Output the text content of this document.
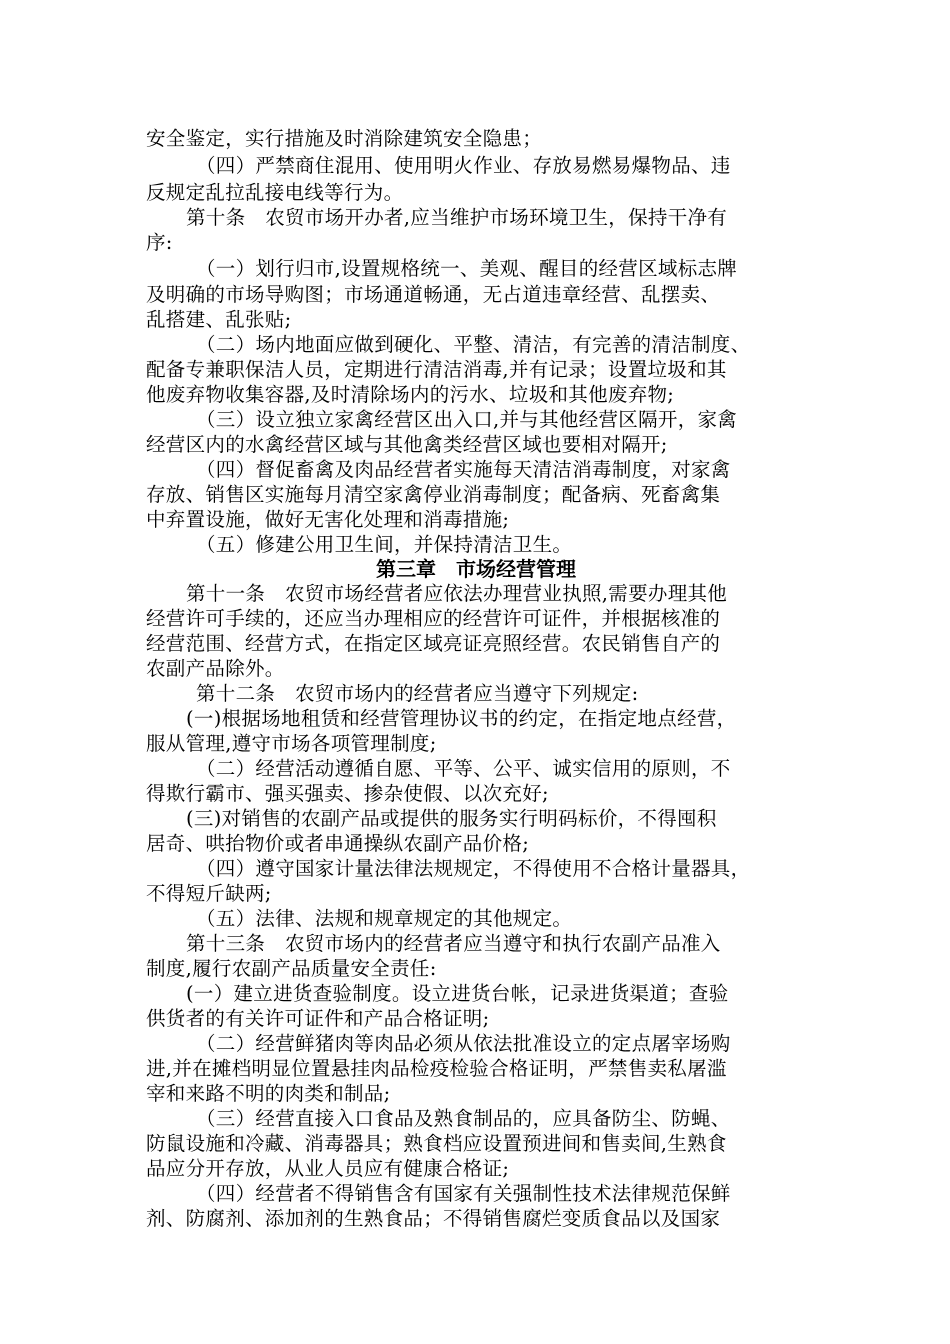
安全鉴定，实行措施及时消除建筑安全隐患；
（四）严禁商住混用、使用明火作业、存放易燃易爆物品、违
反规定乱拉乱接电线等行为。
第十条　农贸市场开办者,应当维护市场环境卫生，保持干净有
序:
（一）划行归市,设置规格统一、美观、醒目的经营区域标志牌
及明确的市场导购图；市场通道畅通，无占道违章经营、乱摆卖、
乱搭建、乱张贴;
（二）场内地面应做到硬化、平整、清洁，有完善的清洁制度、
配备专兼职保洁人员，定期进行清洁消毒,并有记录；设置垃圾和其
他废弃物收集容器,及时清除场内的污水、垃圾和其他废弃物;
（三）设立独立家禽经营区出入口,并与其他经营区隔开，家禽
经营区内的水禽经营区域与其他禽类经营区域也要相对隔开;
（四）督促畜禽及肉品经营者实施每天清洁消毒制度，对家禽
存放、销售区实施每月清空家禽停业消毒制度；配备病、死畜禽集
中弃置设施，做好无害化处理和消毒措施;
（五）修建公用卫生间，并保持清洁卫生。
第三章　市场经营管理
第十一条　农贸市场经营者应依法办理营业执照,需要办理其他
经营许可手续的，还应当办理相应的经营许可证件，并根据核准的
经营范围、经营方式，在指定区域亮证亮照经营。农民销售自产的
农副产品除外。
第十二条　农贸市场内的经营者应当遵守下列规定:
(一)根据场地租赁和经营管理协议书的约定，在指定地点经营，
服从管理,遵守市场各项管理制度;
（二）经营活动遵循自愿、平等、公平、诚实信用的原则，不
得欺行霸市、强买强卖、掺杂使假、以次充好;
(三)对销售的农副产品或提供的服务实行明码标价，不得囤积
居奇、哄抬物价或者串通操纵农副产品价格;
（四）遵守国家计量法律法规规定，不得使用不合格计量器具，
不得短斤缺两;
（五）法律、法规和规章规定的其他规定。
第十三条　农贸市场内的经营者应当遵守和执行农副产品准入
制度,履行农副产品质量安全责任:
(一）建立进货查验制度。设立进货台帐，记录进货渠道；查验
供货者的有关许可证件和产品合格证明;
（二）经营鲜猪肉等肉品必须从依法批准设立的定点屠宰场购
进,并在摊档明显位置悬挂肉品检疫检验合格证明，严禁售卖私屠滥
宰和来路不明的肉类和制品;
（三）经营直接入口食品及熟食制品的，应具备防尘、防蝇、
防鼠设施和冷藏、消毒器具；熟食档应设置预进间和售卖间,生熟食
品应分开存放，从业人员应有健康合格证;
（四）经营者不得销售含有国家有关强制性技术法律规范保鲜
剂、防腐剂、添加剂的生熟食品；不得销售腐烂变质食品以及国家
